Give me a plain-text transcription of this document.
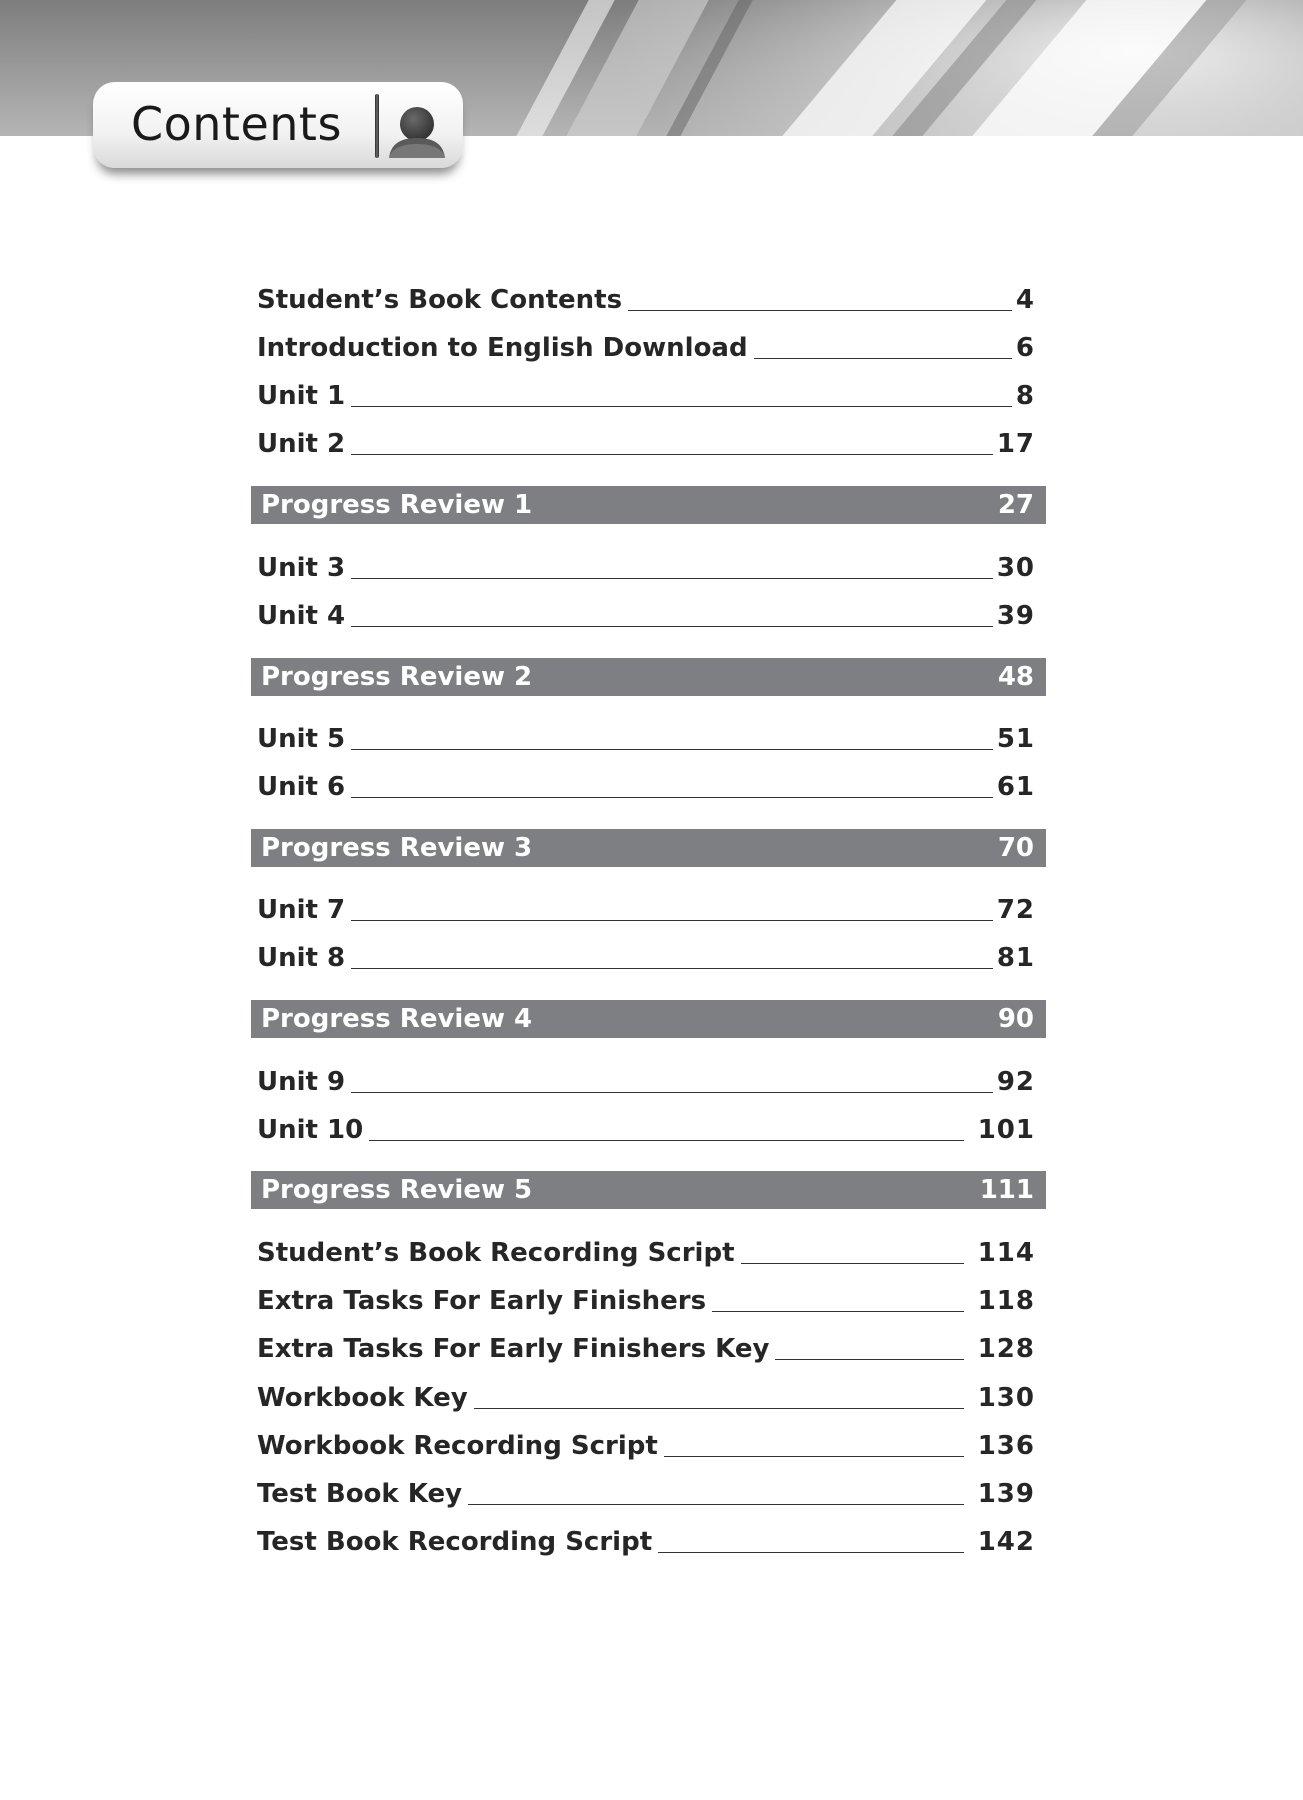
Contents
Student’s Book Contents	4
Introduction to English Download	6
Unit 1	8
Unit 2	17
Progress Review 1	27
Unit 3	30
Unit 4	39
Progress Review 2	48
Unit 5	51
Unit 6	61
Progress Review 3	70
Unit 7	72
Unit 8	81
Progress Review 4	90
Unit 9	92
Unit 10	101
Progress Review 5	111
Student’s Book Recording Script	114
Extra Tasks For Early Finishers	118
Extra Tasks For Early Finishers Key	128
Workbook Key	130
Workbook Recording Script	136
Test Book Key	139
Test Book Recording Script	142
